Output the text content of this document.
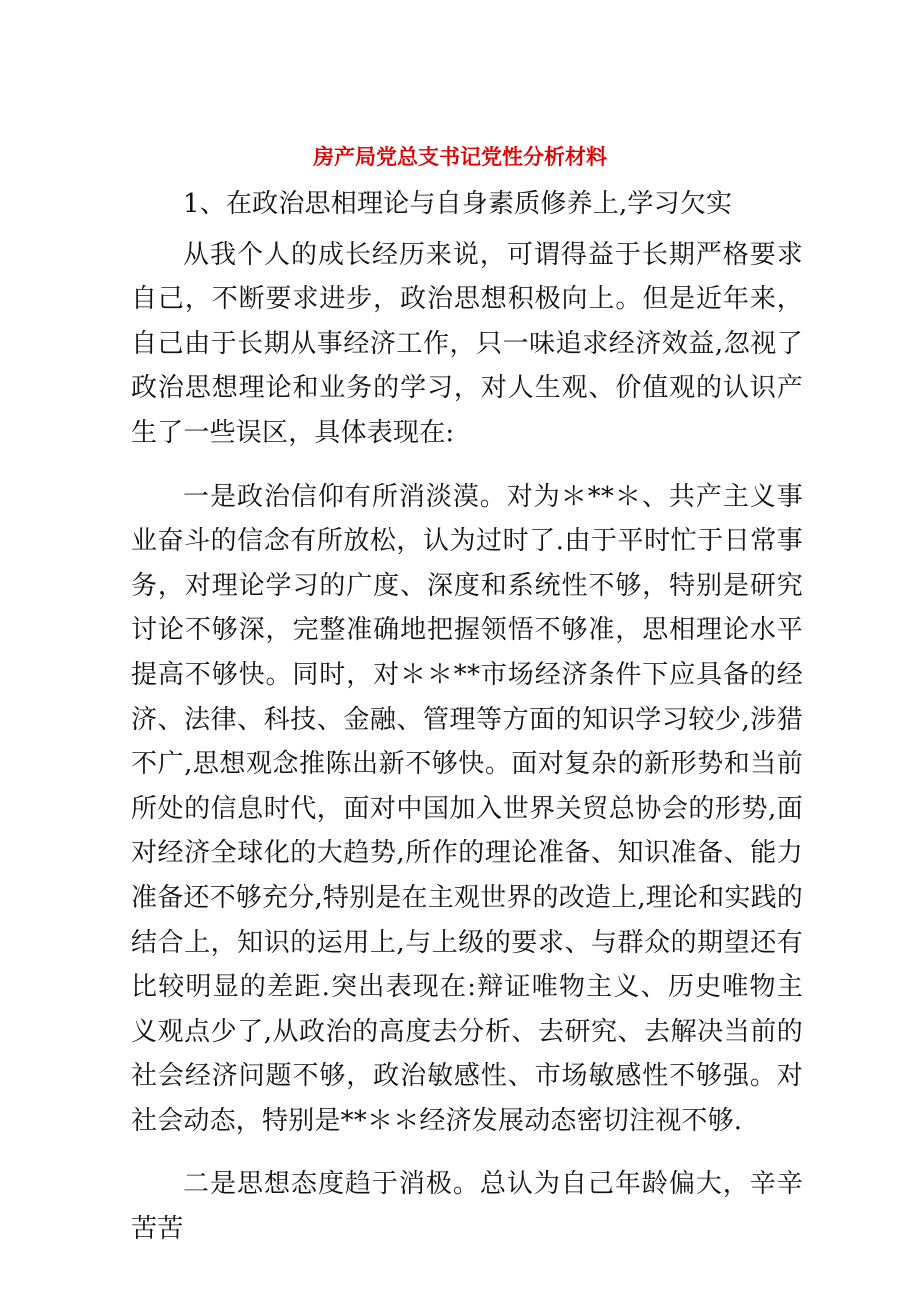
房产局党总支书记党性分析材料

1、在政治思相理论与自身素质修养上,学习欠实

从我个人的成长经历来说，可谓得益于长期严格要求自己，不断要求进步，政治思想积极向上。但是近年来，自己由于长期从事经济工作，只一味追求经济效益,忽视了政治思想理论和业务的学习，对人生观、价值观的认识产生了一些误区，具体表现在:

一是政治信仰有所消淡漠。对为＊**＊、共产主义事业奋斗的信念有所放松，认为过时了.由于平时忙于日常事务，对理论学习的广度、深度和系统性不够，特别是研究讨论不够深，完整准确地把握领悟不够准，思相理论水平提高不够快。同时，对＊＊**市场经济条件下应具备的经济、法律、科技、金融、管理等方面的知识学习较少,涉猎不广,思想观念推陈出新不够快。面对复杂的新形势和当前所处的信息时代，面对中国加入世界关贸总协会的形势,面对经济全球化的大趋势,所作的理论准备、知识准备、能力准备还不够充分,特别是在主观世界的改造上,理论和实践的结合上，知识的运用上,与上级的要求、与群众的期望还有比较明显的差距.突出表现在:辩证唯物主义、历史唯物主义观点少了,从政治的高度去分析、去研究、去解决当前的社会经济问题不够，政治敏感性、市场敏感性不够强。对社会动态，特别是**＊＊经济发展动态密切注视不够.

二是思想态度趋于消极。总认为自己年龄偏大，辛辛苦苦
